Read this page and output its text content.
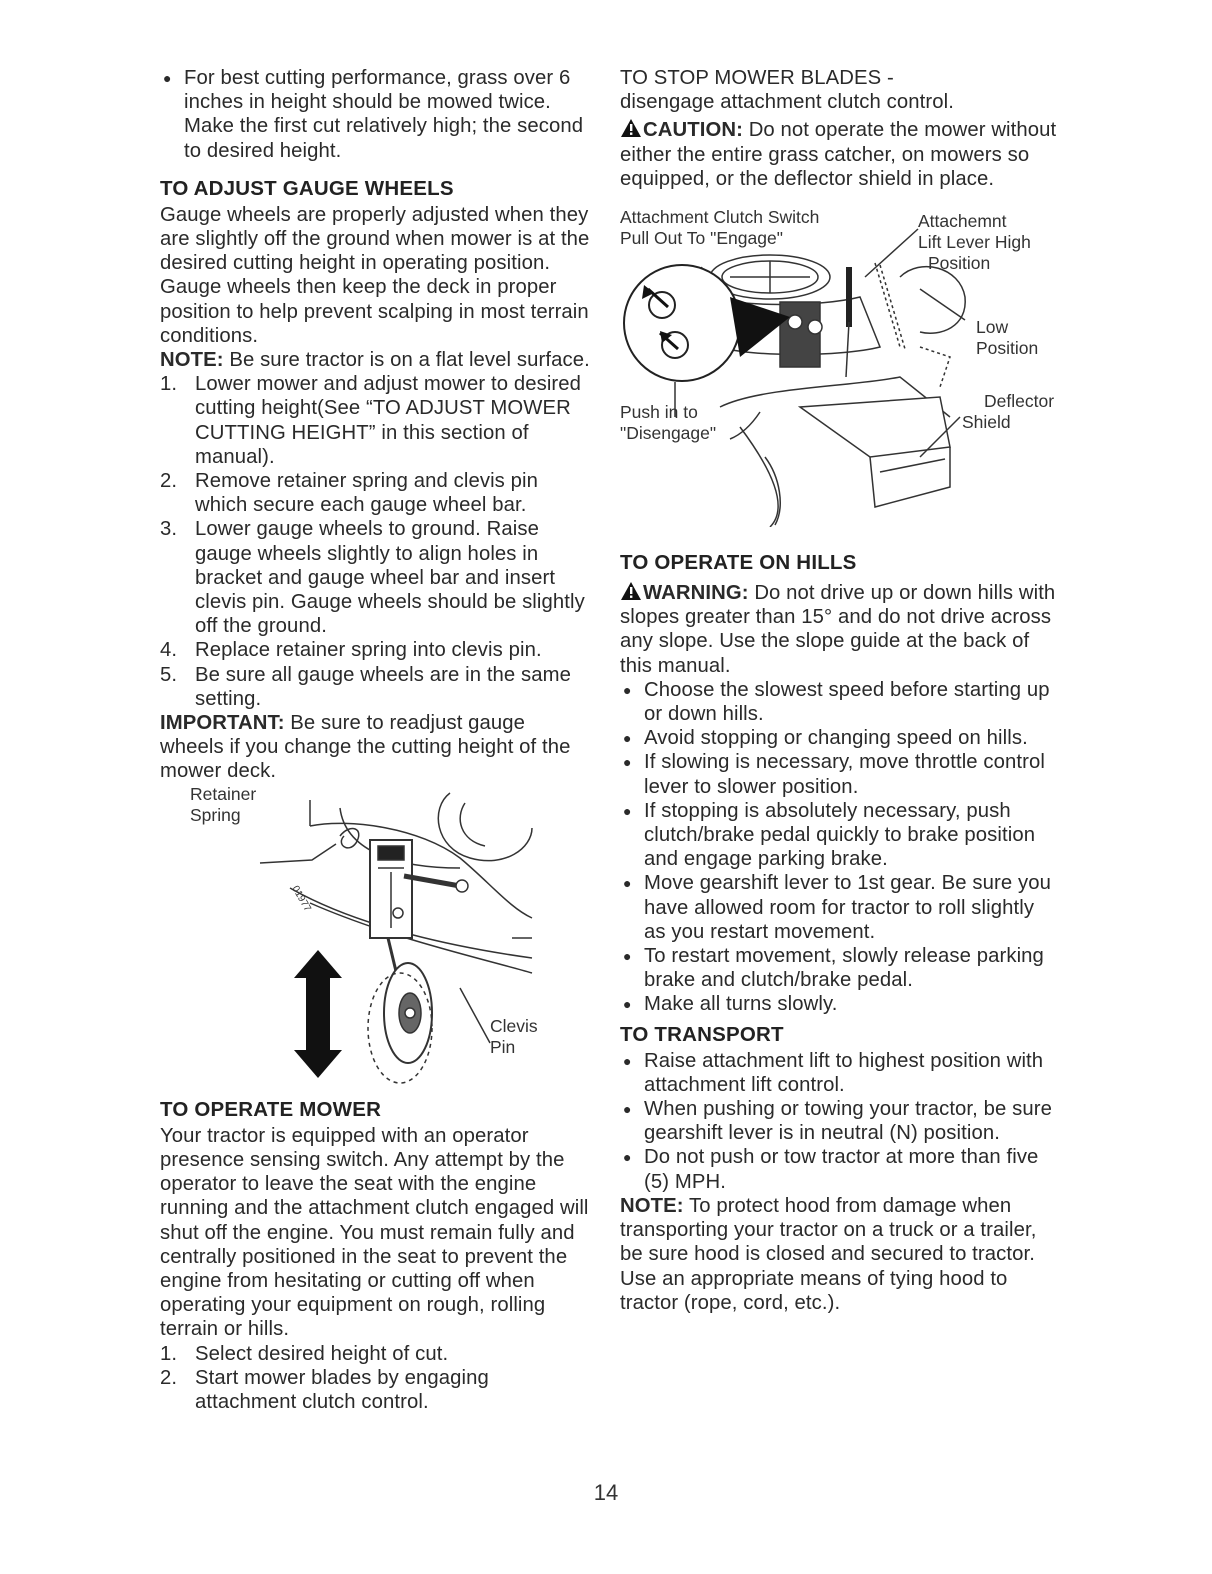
● For best cutting performance, grass over 6 inches in height should be mowed twice. Make the first cut relatively high; the second to desired height.
TO ADJUST GAUGE WHEELS

Gauge wheels are properly adjusted when they are slightly off the ground when mower is at the desired cutting height in operating position. Gauge wheels then keep the deck in proper position to help prevent scalping in most terrain conditions.

NOTE: Be sure tractor is on a flat level surface.

1. Lower mower and adjust mower to desired cutting height(See “TO ADJUST MOWER CUTTING HEIGHT” in this section of manual).
2. Remove retainer spring and clevis pin which secure each gauge wheel bar.
3. Lower gauge wheels to ground. Raise gauge wheels slightly to align holes in bracket and gauge wheel bar and insert clevis pin. Gauge wheels should be slightly off the ground.
4. Replace retainer spring into clevis pin.
5. Be sure all gauge wheels are in the same setting.

IMPORTANT: Be sure to readjust gauge wheels if you change the cutting height of the mower deck.

01977
Retainer
Spring
Clevis
Pin
TO OPERATE MOWER

Your tractor is equipped with an operator presence sensing switch. Any attempt by the operator to leave the seat with the engine running and the attachment clutch engaged will shut off the engine. You must remain fully and centrally positioned in the seat to prevent the engine from hesitating or cutting off when operating your equipment on rough, rolling terrain or hills.

1. Select desired height of cut.
2. Start mower blades by engaging attachment clutch control.

TO STOP MOWER BLADES -

disengage attachment clutch control.

CAUTION: Do not operate the mower without either the entire grass catcher, on mowers so equipped, or the deflector shield in place.

Attachment Clutch Switch
Pull Out To "Engage"
Attachemnt
Lift Lever High
Position
Low
Position
Push in to
"Disengage"
Deflector
Shield
TO OPERATE ON HILLS

WARNING: Do not drive up or down hills with slopes greater than 15° and do not drive across any slope. Use the slope guide at the back of this manual.

● Choose the slowest speed before starting up or down hills.
● Avoid stopping or changing speed on hills.
● If slowing is necessary, move throttle control lever to slower position.
● If stopping is absolutely necessary, push clutch/brake pedal quickly to brake position and engage parking brake.
● Move gearshift lever to 1st gear. Be sure you have allowed room for tractor to roll slightly as you restart movement.
● To restart movement, slowly release parking brake and clutch/brake pedal.
● Make all turns slowly.
TO TRANSPORT
● Raise attachment lift to highest position with attachment lift control.
● When pushing or towing your tractor, be sure gearshift lever is in neutral (N) position.
● Do not push or tow tractor at more than five (5) MPH.

NOTE: To protect hood from damage when transporting your tractor on a truck or a trailer, be sure hood is closed and secured to tractor. Use an appropriate means of tying hood to tractor (rope, cord, etc.).

14
